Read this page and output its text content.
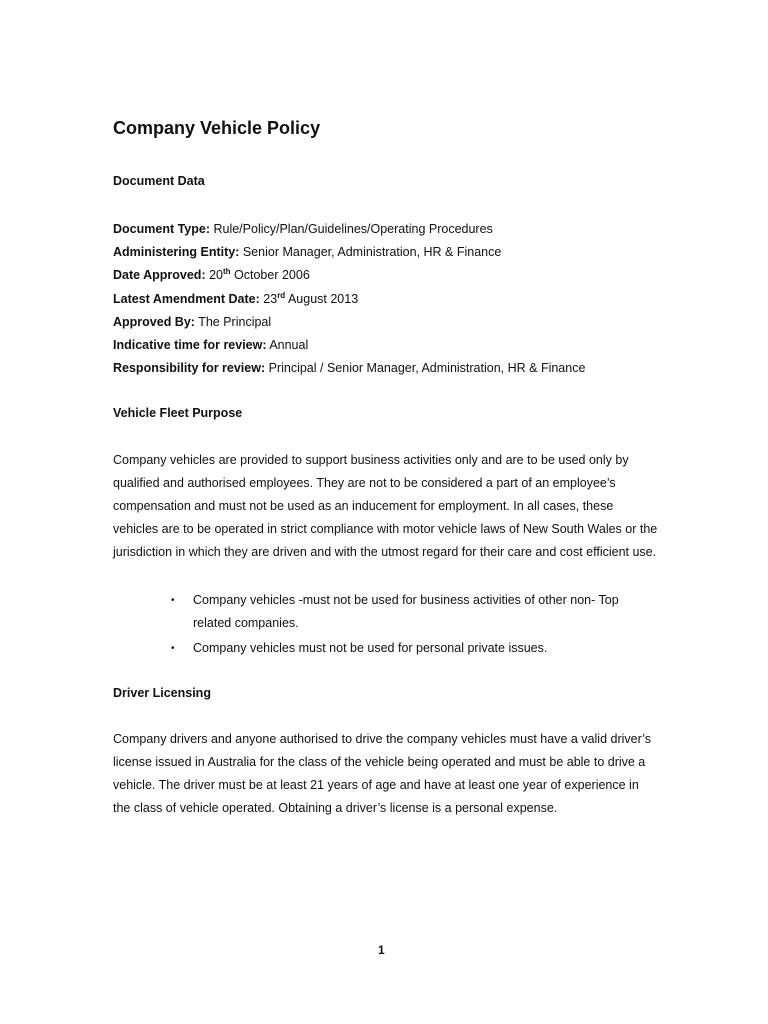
Company Vehicle Policy
Document Data
Document Type: Rule/Policy/Plan/Guidelines/Operating Procedures
Administering Entity: Senior Manager, Administration, HR & Finance
Date Approved: 20th October 2006
Latest Amendment Date: 23rd August 2013
Approved By: The Principal
Indicative time for review: Annual
Responsibility for review: Principal / Senior Manager, Administration, HR & Finance
Vehicle Fleet Purpose

Company vehicles are provided to support business activities only and are to be used only by qualified and authorised employees. They are not to be considered a part of an employee’s compensation and must not be used as an inducement for employment. In all cases, these vehicles are to be operated in strict compliance with motor vehicle laws of New South Wales or the jurisdiction in which they are driven and with the utmost regard for their care and cost efficient use.

• Company vehicles -must not be used for business activities of other non- Top related companies.
• Company vehicles must not be used for personal private issues.
Driver Licensing

Company drivers and anyone authorised to drive the company vehicles must have a valid driver’s license issued in Australia for the class of the vehicle being operated and must be able to drive a vehicle. The driver must be at least 21 years of age and have at least one year of experience in the class of vehicle operated. Obtaining a driver’s license is a personal expense.

1
